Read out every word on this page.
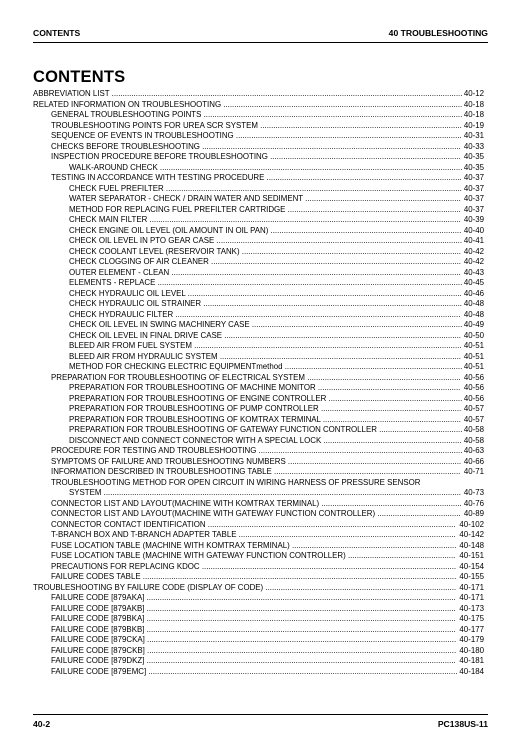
CONTENTS	40 TROUBLESHOOTING
CONTENTS
ABBREVIATION LIST ................................................................................................................................................................ 40-12
RELATED INFORMATION ON TROUBLESHOOTING ............................................................................................................. 40-18
GENERAL TROUBLESHOOTING POINTS ...................................................................................................................... 40-18
TROUBLESHOOTING POINTS FOR UREA SCR SYSTEM ............................................................................................ 40-19
SEQUENCE OF EVENTS IN TROUBLESHOOTING ....................................................................................................... 40-31
CHECKS BEFORE TROUBLESHOOTING ...................................................................................................................... 40-33
INSPECTION PROCEDURE BEFORE TROUBLESHOOTING ....................................................................................... 40-35
WALK-AROUND CHECK .......................................................................................................................................... 40-35
TESTING IN ACCORDANCE WITH TESTING PROCEDURE ......................................................................................... 40-37
CHECK FUEL PREFILTER ....................................................................................................................................... 40-37
WATER SEPARATOR - CHECK / DRAIN WATER AND SEDIMENT ....................................................................... 40-37
METHOD FOR REPLACING FUEL PREFILTER CARTRIDGE ............................................................................... 40-37
CHECK MAIN FILTER .............................................................................................................................................. 40-39
CHECK ENGINE OIL LEVEL (OIL AMOUNT IN OIL PAN) ....................................................................................... 40-40
CHECK OIL LEVEL IN PTO GEAR CASE ................................................................................................................ 40-41
CHECK COOLANT LEVEL (RESERVOIR TANK) .................................................................................................... 40-42
CHECK CLOGGING OF AIR CLEANER .................................................................................................................. 40-42
OUTER ELEMENT - CLEAN .................................................................................................................................... 40-43
ELEMENTS - REPLACE ........................................................................................................................................... 40-45
CHECK HYDRAULIC OIL LEVEL ............................................................................................................................. 40-46
CHECK HYDRAULIC OIL STRAINER ...................................................................................................................... 40-48
CHECK HYDRAULIC FILTER .................................................................................................................................. 40-48
CHECK OIL LEVEL IN SWING MACHINERY CASE ................................................................................................ 40-49
CHECK OIL LEVEL IN FINAL DRIVE CASE ............................................................................................................ 40-50
BLEED AIR FROM FUEL SYSTEM .......................................................................................................................... 40-51
BLEED AIR FROM HYDRAULIC SYSTEM .............................................................................................................. 40-51
METHOD FOR CHECKING ELECTRIC EQUIPMENTmethod ................................................................................. 40-51
PREPARATION FOR TROUBLESHOOTING OF ELECTRICAL SYSTEM ...................................................................... 40-56
PREPARATION FOR TROUBLESHOOTING OF MACHINE MONITOR ................................................................. 40-56
PREPARATION FOR TROUBLESHOOTING OF ENGINE CONTROLLER ............................................................. 40-56
PREPARATION FOR TROUBLESHOOTING OF PUMP CONTROLLER ................................................................ 40-57
PREPARATION FOR TROUBLESHOOTING OF KOMTRAX TERMINAL ............................................................... 40-57
PREPARATION FOR TROUBLESHOOTING OF GATEWAY FUNCTION CONTROLLER ...................................... 40-58
DISCONNECT AND CONNECT CONNECTOR WITH A SPECIAL LOCK ............................................................... 40-58
PROCEDURE FOR TESTING AND TROUBLESHOOTING ............................................................................................. 40-63
SYMPTOMS OF FAILURE AND TROUBLESHOOTING NUMBERS ............................................................................... 40-66
INFORMATION DESCRIBED IN TROUBLESHOOTING TABLE ..................................................................................... 40-71
TROUBLESHOOTING METHOD FOR OPEN CIRCUIT IN WIRING HARNESS OF PRESSURE SENSOR
SYSTEM ................................................................................................................................................................... 40-73
CONNECTOR LIST AND LAYOUT(MACHINE WITH KOMTRAX TERMINAL) ................................................................ 40-76
CONNECTOR LIST AND LAYOUT(MACHINE WITH GATEWAY FUNCTION CONTROLLER) ...................................... 40-89
CONNECTOR CONTACT IDENTIFICATION ................................................................................................................. 40-102
T-BRANCH BOX AND T-BRANCH ADAPTER TABLE ................................................................................................... 40-142
FUSE LOCATION TABLE (MACHINE WITH KOMTRAX TERMINAL) ........................................................................... 40-148
FUSE LOCATION TABLE (MACHINE WITH GATEWAY FUNCTION CONTROLLER) ................................................. 40-151
PRECAUTIONS FOR REPLACING KDOC .................................................................................................................... 40-154
FAILURE CODES TABLE ............................................................................................................................................... 40-155
TROUBLESHOOTING BY FAILURE CODE (DISPLAY OF CODE) ....................................................................................... 40-171
FAILURE CODE [879AKA] ............................................................................................................................................. 40-171
FAILURE CODE [879AKB] ............................................................................................................................................. 40-173
FAILURE CODE [879BKA] ............................................................................................................................................. 40-175
FAILURE CODE [879BKB] ............................................................................................................................................. 40-177
FAILURE CODE [879CKA] ............................................................................................................................................. 40-179
FAILURE CODE [879CKB] ............................................................................................................................................. 40-180
FAILURE CODE [879DKZ] ............................................................................................................................................. 40-181
FAILURE CODE [879EMC] ............................................................................................................................................. 40-184
40-2	PC138US-11
